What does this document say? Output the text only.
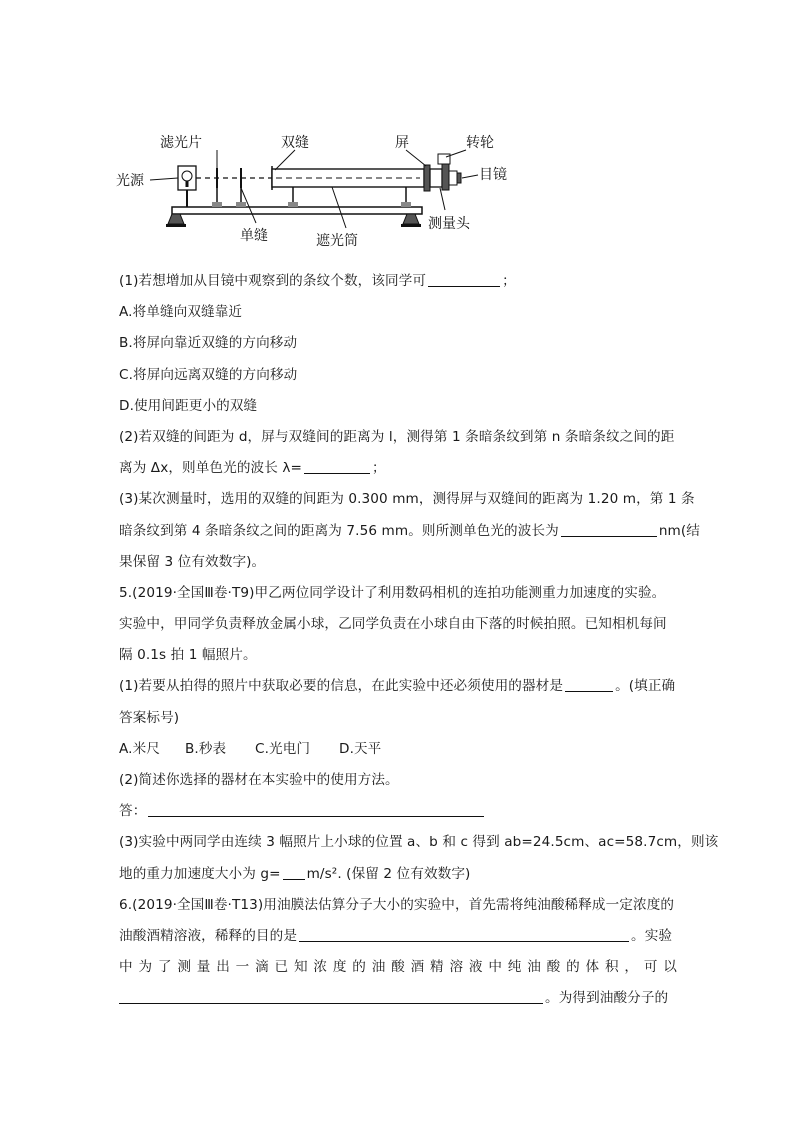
滤光片	双缝	屏	转轮
光源	目镜
单缝	遮光筒
测量头
(1)若想增加从目镜中观察到的条纹个数，该同学可	；
A.将单缝向双缝靠近
B.将屏向靠近双缝的方向移动
C.将屏向远离双缝的方向移动
D.使用间距更小的双缝
(2)若双缝的间距为 d，屏与双缝间的距离为 l，测得第 1 条暗条纹到第 n 条暗条纹之间的距
离为 Δx，则单色光的波长 λ=	；
(3)某次测量时，选用的双缝的间距为 0.300 mm，测得屏与双缝间的距离为 1.20 m，第 1 条
暗条纹到第 4 条暗条纹之间的距离为 7.56 mm。则所测单色光的波长为	nm(结
果保留 3 位有效数字)。
5.(2019·全国Ⅲ卷·T9)甲乙两位同学设计了利用数码相机的连拍功能测重力加速度的实验。
实验中，甲同学负责释放金属小球，乙同学负责在小球自由下落的时候拍照。已知相机每间
隔 0.1s 拍 1 幅照片。
(1)若要从拍得的照片中获取必要的信息，在此实验中还必须使用的器材是	。(填正确
答案标号)
A.米尺 B.秒表 C.光电门 D.天平
(2)简述你选择的器材在本实验中的使用方法。
答：
(3)实验中两同学由连续 3 幅照片上小球的位置 a、b 和 c 得到 ab=24.5cm、ac=58.7cm，则该
地的重力加速度大小为 g= m/s². (保留 2 位有效数字)
6.(2019·全国Ⅲ卷·T13)用油膜法估算分子大小的实验中，首先需将纯油酸稀释成一定浓度的
油酸酒精溶液，稀释的目的是	。实验
中为了测量出一滴已知浓度的油酸酒精溶液中纯油酸的体积，可以
。为得到油酸分子的
